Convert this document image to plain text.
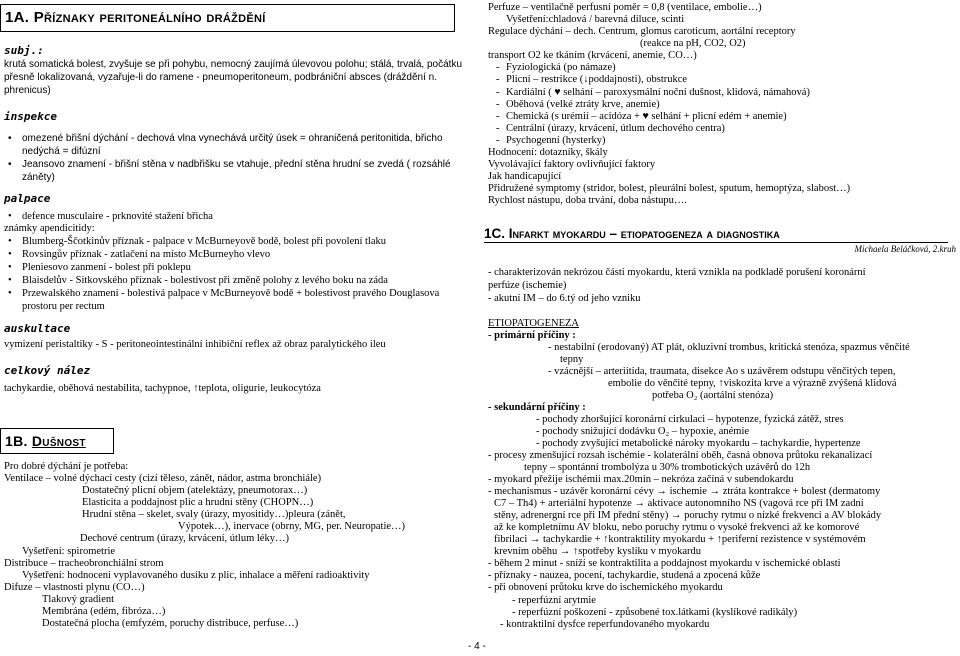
1A. Příznaky peritoneálního dráždění
subj.:
krutá somatická bolest, zvyšuje se při pohybu, nemocný zaujímá úlevovou polohu; stálá, trvalá, počátku
přesně lokalizovaná, vyzařuje-li do ramene - pneumoperitoneum, podbrániční absces (dráždění n.
phrenicus)
inspekce
• omezené břišní dýchání - dechová vlna vynechává určitý úsek = ohraničená peritonitida, břicho
nedýchá = difúzní
• Jeansovo znamení - břišní stěna v nadbřišku se vtahuje, přední stěna hrudní se zvedá ( rozsáhlé
záněty)
palpace
• defence musculaire - prknovité stažení břicha
známky apendicitidy:
• Blumberg-Ščotkinův příznak - palpace v McBurneyově bodě, bolest při povolení tlaku
• Rovsingův příznak - zatlačení na místo McBurneyho vlevo
• Plenieso​vo zanmení - bolest při poklepu
• Blaisdelův - Sitkovského příznak - bolestivost při změně polohy z levého boku na záda
• Przewalského znamení - bolestivá palpace v McBurneyově bodě + bolestivost pravého Douglasova
prostoru per rectum
auskultace
vymizení peristaltiky - S - peritoneointestinální inhibiční reflex až obraz paralytického ileu
celkový nález
tachykardie, oběhová nestabilita, tachypnoe, ↑teplota, oligurie, leukocytóza
1B. Dušnost
Pro dobré dýchání je potřeba:
Ventilace – volné dýchací cesty (cizí těleso, zánět, nádor, astma bronchiále)
Dostatečný plicní objem (atelektázy, pneumotorax…)
Elasticita a poddajnost plic a hrudní stěny (CHOPN…)
Hrudní stěna – skelet, svaly (úrazy, myositidy…)pleura (zánět,
Výpotek…), inervace (obrny, MG, per. Neuropatie…)
Dechové centrum (úrazy, krvácení, útlum léky…)
Vyšetření: spirometrie
Distribuce – tracheobronchiální strom
Vyšetření: hodnocení vyplavovaného dusíku z plic, inhalace a měření radioaktivity
Difuze – vlastnosti plynu (CO…)
Tlakový gradient
Membrána (edém, fibróza…)
Dostatečná plocha (emfyzém, poruchy distribuce, perfuse…)
Perfuze – ventilačně perfusní poměr = 0,8 (ventilace, embolie…)
Vyšetření:chladová / barevná diluce, scinti
Regulace dýchání – dech. Centrum, glomus caroticum, aortální receptory
(reakce na pH, CO2, O2)
transport O2 ke tkáním (krvácení, anemie, CO…)
- Fyziologická (po námaze)
- Plicní – restrikce (↓poddajnosti), obstrukce
- Kardiální ( ♥ selhání – paroxysmální noční dušnost, klidová, námahová)
- Oběhová (velké ztráty krve, anemie)
- Chemická (s urémií – acidóza + ♥ selhání + plicní edém + anemie)
- Centrální (úrazy, krvácení, útlum dechového centra)
- Psychogenní (hysterky)
Hodnocení: dotazníky, škály
Vyvolávající faktory ovlivňující faktory
Jak handicapující
Přidružené symptomy (stridor, bolest, pleurální bolest, sputum, hemoptýza, slabost…)
Rychlost nástupu, doba trvání, doba nástupu….
1C. Infarkt myokardu – etiopatogeneza a diagnostika
Michaela Beláčková, 2.kruh
- charakterizován nekrózou části myokardu, která vznikla na podkladě porušení koronární
perfúze (ischemie)
- akutní IM – do 6.tý od jeho vzniku
ETIOPATOGENEZA
- primární příčiny :
- nestabilní (erodovaný) AT plát, okluzivní trombus, kritická stenóza, spazmus věnčité
tepny
- vzácnější – arteriitida, traumata, disekce Ao s uzávěrem odstupu věnčitých tepen,
embolie do věnčité tepny, ↑viskozita krve a výrazně zvýšená klidová
potřeba O₂ (aortální stenóza)
- sekundární příčiny :
- pochody zhoršující koronární cirkulaci – hypotenze, fyzická zátěž, stres
- pochody snižující dodávku O₂ – hypoxie, anémie
- pochody zvyšující metabolické nároky myokardu – tachykardie, hypertenze
- procesy zmenšující rozsah ischémie - kolaterální oběh, časná obnova průtoku rekanalizací
tepny – spontánní trombolýza u 30% trombotických uzávěrů do 12h
- myokard přežije ischémii max.20min – nekróza začíná v subendokardu
- mechanismus - uzávěr koronární cévy → ischemie → ztráta kontrakce + bolest (dermatomy
C7 – Th4) + arteriální hypotenze → aktivace autonomního NS (vagová rce při IM zadní
stěny, adrenergní rce při IM přední stěny) → poruchy rytmu o nízké frekvenci a AV blokády
až ke kompletnímu AV bloku, nebo poruchy rytmu o vysoké frekvenci až ke komorové
fibrilaci → tachykardie + ↑kontraktility myokardu + ↑periferní rezistence v systémovém
krevním oběhu → ↑spotřeby kyslíku v myokardu
- během 2 minut - sníží se kontraktilita a poddajnost myokardu v ischemické oblasti
- příznaky - nauzea, pocení, tachykardie, studená a zpocená kůže
- při obnovení průtoku krve do ischemického myokardu
- reperfúzní arytmie
- reperfúzní poškození - způsobené tox.látkami (kyslíkové radikály)
- kontraktilní dysfce reperfundovaného myokardu
- 4 -
